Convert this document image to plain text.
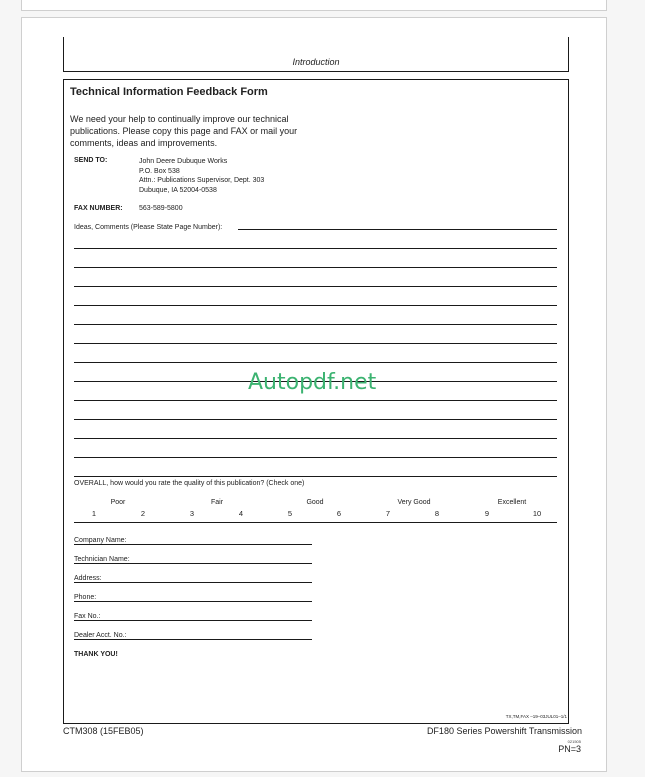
Introduction
Technical Information Feedback Form
We need your help to continually improve our technical publications. Please copy this page and FAX or mail your comments, ideas and improvements.
SEND TO:	John Deere Dubuque Works
P.O. Box 538
Attn.: Publications Supervisor, Dept. 303
Dubuque, IA 52004-0538
FAX NUMBER: 563-589-5800
Ideas, Comments (Please State Page Number):
OVERALL, how would you rate the quality of this publication? (Check one)
Poor	Fair	Good	Very Good	Excellent
1	2	3	4	5	6	7	8	9	10
Company Name:
Technician Name:
Address:
Phone:
Fax No.:
Dealer Acct. No.:
THANK YOU!
Autopdf.net
TX,TM,FAX –19–03JUL01–1/1
CTM308 (15FEB05)	DF180 Series Powershift Transmission
021505
PN=3
